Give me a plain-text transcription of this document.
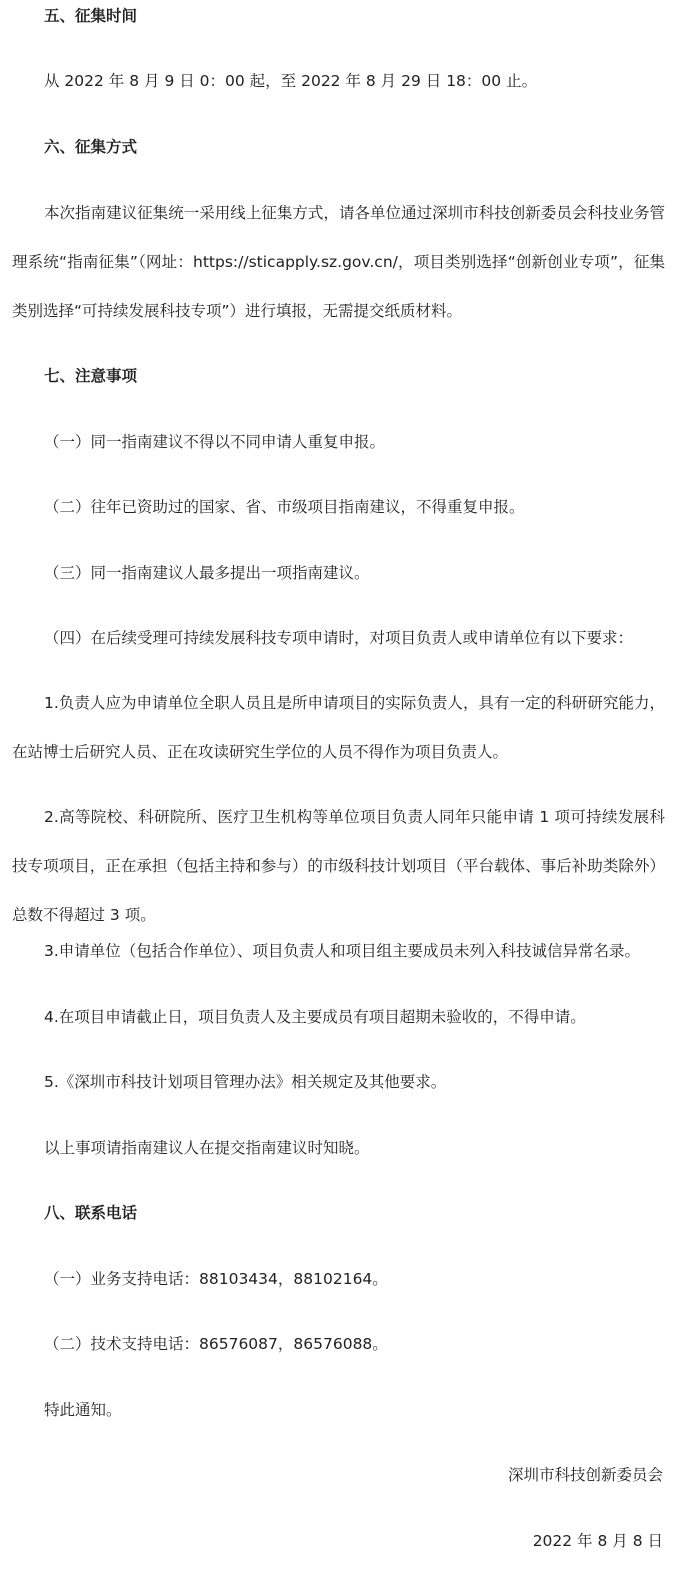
五、征集时间

从 2022 年 8 月 9 日 0：00 起，至 2022 年 8 月 29 日 18：00 止。

六、征集方式

本次指南建议征集统一采用线上征集方式，请各单位通过深圳市科技创新委员会科技业务管理系统“指南征集”（网址：https://sticapply.sz.gov.cn/，项目类别选择“创新创业专项”，征集类别选择“可持续发展科技专项”）进行填报，无需提交纸质材料。

七、注意事项

（一）同一指南建议不得以不同申请人重复申报。

（二）往年已资助过的国家、省、市级项目指南建议，不得重复申报。

（三）同一指南建议人最多提出一项指南建议。

（四）在后续受理可持续发展科技专项申请时，对项目负责人或申请单位有以下要求：

1.负责人应为申请单位全职人员且是所申请项目的实际负责人，具有一定的科研研究能力，在站博士后研究人员、正在攻读研究生学位的人员不得作为项目负责人。

2.高等院校、科研院所、医疗卫生机构等单位项目负责人同年只能申请 1 项可持续发展科技专项项目，正在承担（包括主持和参与）的市级科技计划项目（平台载体、事后补助类除外）总数不得超过 3 项。

3.申请单位（包括合作单位）、项目负责人和项目组主要成员未列入科技诚信异常名录。

4.在项目申请截止日，项目负责人及主要成员有项目超期未验收的，不得申请。

5.《深圳市科技计划项目管理办法》相关规定及其他要求。

以上事项请指南建议人在提交指南建议时知晓。

八、联系电话

（一）业务支持电话：88103434，88102164。

（二）技术支持电话：86576087，86576088。

特此通知。

深圳市科技创新委员会

2022 年 8 月 8 日
